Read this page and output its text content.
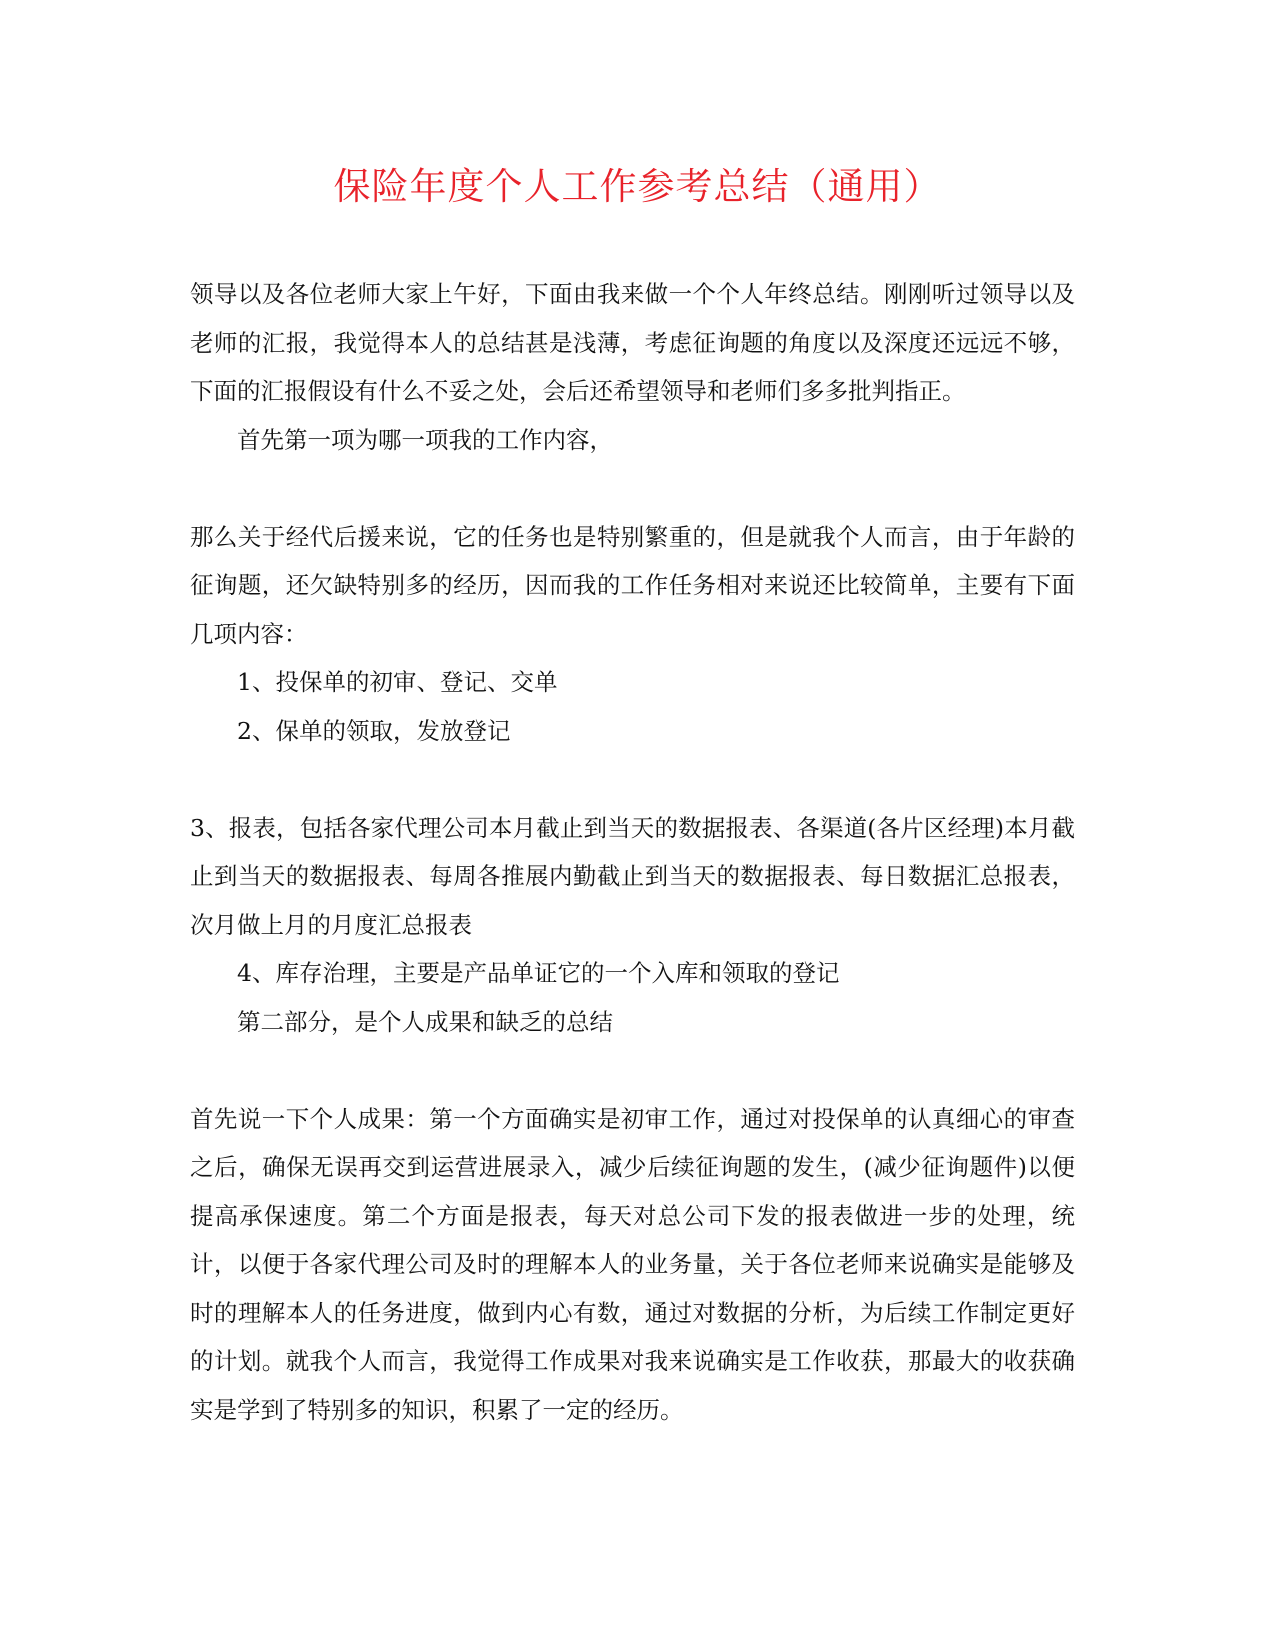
保险年度个人工作参考总结（通用）

领导以及各位老师大家上午好，下面由我来做一个个人年终总结。刚刚听过领导以及老师的汇报，我觉得本人的总结甚是浅薄，考虑征询题的角度以及深度还远远不够，下面的汇报假设有什么不妥之处，会后还希望领导和老师们多多批判指正。

首先第一项为哪一项我的工作内容，

那么关于经代后援来说，它的任务也是特别繁重的，但是就我个人而言，由于年龄的征询题，还欠缺特别多的经历，因而我的工作任务相对来说还比较简单，主要有下面几项内容：

1、投保单的初审、登记、交单

2、保单的领取，发放登记

3、报表，包括各家代理公司本月截止到当天的数据报表、各渠道(各片区经理)本月截止到当天的数据报表、每周各推展内勤截止到当天的数据报表、每日数据汇总报表，次月做上月的月度汇总报表

4、库存治理，主要是产品单证它的一个入库和领取的登记

第二部分，是个人成果和缺乏的总结

首先说一下个人成果：第一个方面确实是初审工作，通过对投保单的认真细心的审查之后，确保无误再交到运营进展录入，减少后续征询题的发生，(减少征询题件)以便提高承保速度。第二个方面是报表，每天对总公司下发的报表做进一步的处理，统计，以便于各家代理公司及时的理解本人的业务量，关于各位老师来说确实是能够及时的理解本人的任务进度，做到内心有数，通过对数据的分析，为后续工作制定更好的计划。就我个人而言，我觉得工作成果对我来说确实是工作收获，那最大的收获确实是学到了特别多的知识，积累了一定的经历。
